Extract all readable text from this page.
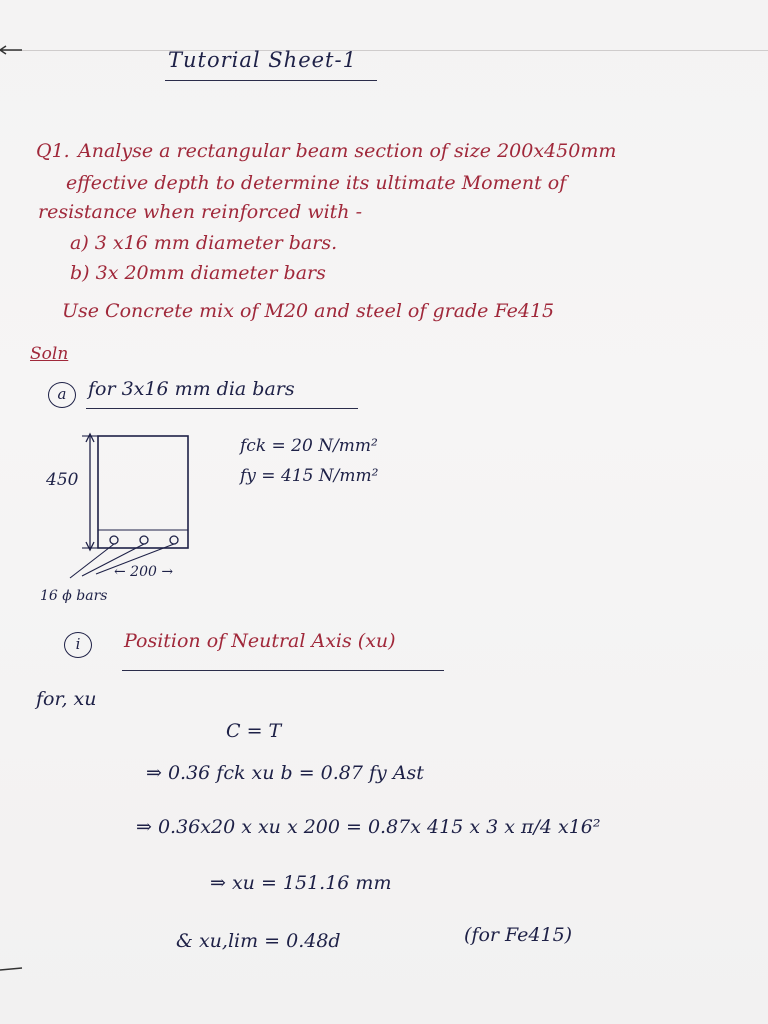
Tutorial Sheet-1
Q1. Analyse a rectangular beam section of size 200x450mm
effective depth to determine its ultimate Moment of
resistance when reinforced with -
a) 3 x16 mm diameter bars.
b) 3x 20mm diameter bars
Use Concrete mix of M20 and steel of grade Fe415
Soln
a	for 3x16 mm dia bars
450
← 200 →
16 ϕ bars
fck = 20 N/mm²
fy = 415 N/mm²
i	Position of Neutral Axis (xu)
for, xu
C = T
⇒ 0.36 fck xu b = 0.87 fy Ast
⇒ 0.36x20 x xu x 200 = 0.87x 415 x 3 x π/4 x16²
⇒ xu = 151.16 mm
& xu,lim = 0.48d	(for Fe415)
